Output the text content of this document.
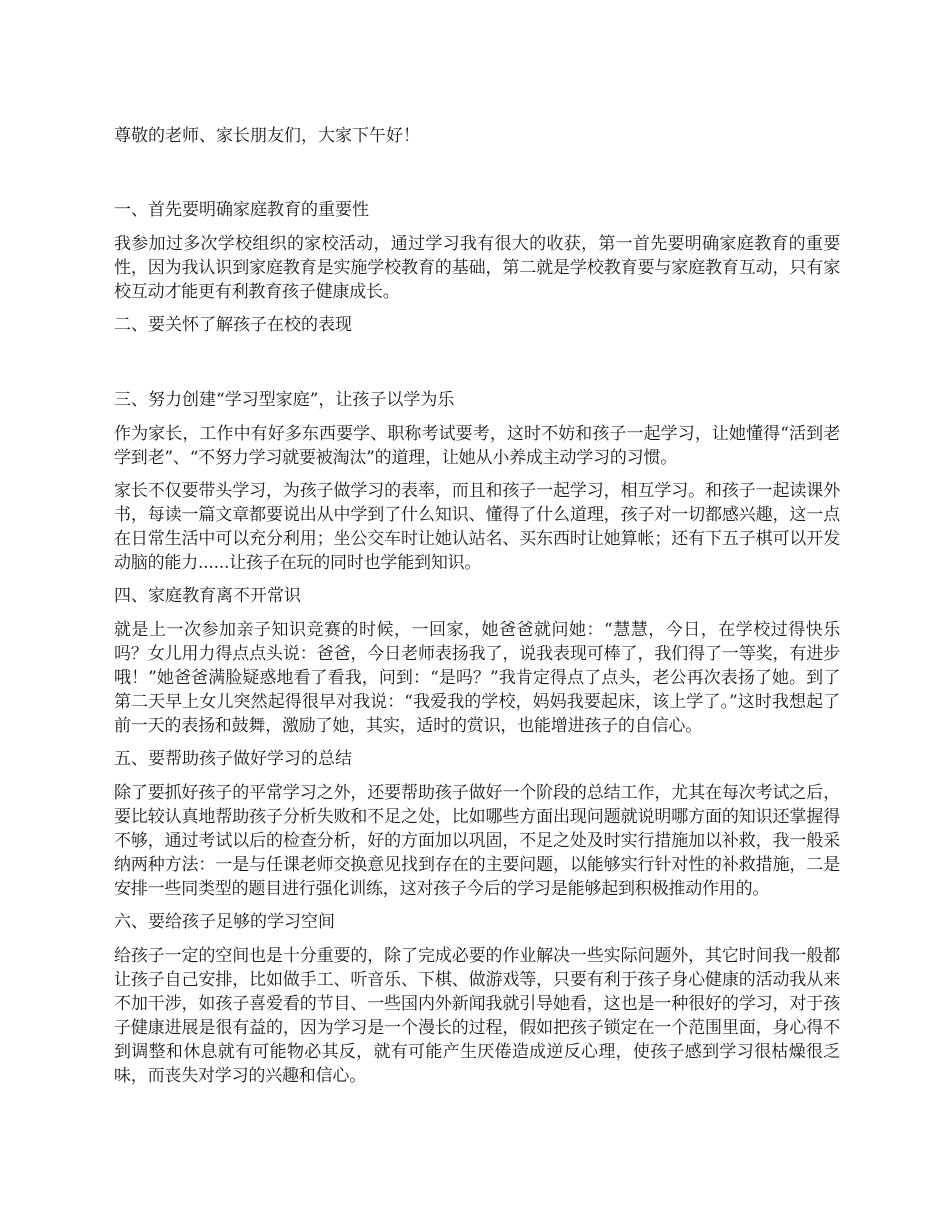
尊敬的老师、家长朋友们，大家下午好！

一、首先要明确家庭教育的重要性

我参加过多次学校组织的家校活动，通过学习我有很大的收获，第一首先要明确家庭教育的重要性，因为我认识到家庭教育是实施学校教育的基础，第二就是学校教育要与家庭教育互动，只有家校互动才能更有利教育孩子健康成长。

二、要关怀了解孩子在校的表现

三、努力创建“学习型家庭”，让孩子以学为乐

作为家长，工作中有好多东西要学、职称考试要考，这时不妨和孩子一起学习，让她懂得“活到老学到老”、“不努力学习就要被淘汰”的道理，让她从小养成主动学习的习惯。

家长不仅要带头学习，为孩子做学习的表率，而且和孩子一起学习，相互学习。和孩子一起读课外书，每读一篇文章都要说出从中学到了什么知识、懂得了什么道理，孩子对一切都感兴趣，这一点在日常生活中可以充分利用；坐公交车时让她认站名、买东西时让她算帐；还有下五子棋可以开发动脑的能力......让孩子在玩的同时也学能到知识。

四、家庭教育离不开常识

就是上一次参加亲子知识竞赛的时候，一回家，她爸爸就问她：“慧慧，今日，在学校过得快乐吗？女儿用力得点点头说：爸爸，今日老师表扬我了，说我表现可棒了，我们得了一等奖，有进步哦！”她爸爸满脸疑惑地看了看我，问到：“是吗？”我肯定得点了点头，老公再次表扬了她。到了第二天早上女儿突然起得很早对我说：“我爱我的学校，妈妈我要起床，该上学了。”这时我想起了前一天的表扬和鼓舞，激励了她，其实，适时的赏识，也能增进孩子的自信心。

五、要帮助孩子做好学习的总结

除了要抓好孩子的平常学习之外，还要帮助孩子做好一个阶段的总结工作，尤其在每次考试之后，要比较认真地帮助孩子分析失败和不足之处，比如哪些方面出现问题就说明哪方面的知识还掌握得不够，通过考试以后的检查分析，好的方面加以巩固，不足之处及时实行措施加以补救，我一般采纳两种方法：一是与任课老师交换意见找到存在的主要问题，以能够实行针对性的补救措施，二是安排一些同类型的题目进行强化训练，这对孩子今后的学习是能够起到积极推动作用的。

六、要给孩子足够的学习空间

给孩子一定的空间也是十分重要的，除了完成必要的作业解决一些实际问题外，其它时间我一般都让孩子自己安排，比如做手工、听音乐、下棋、做游戏等，只要有利于孩子身心健康的活动我从来不加干涉，如孩子喜爱看的节目、一些国内外新闻我就引导她看，这也是一种很好的学习，对于孩子健康进展是很有益的，因为学习是一个漫长的过程，假如把孩子锁定在一个范围里面，身心得不到调整和休息就有可能物必其反，就有可能产生厌倦造成逆反心理，使孩子感到学习很枯燥很乏味，而丧失对学习的兴趣和信心。
